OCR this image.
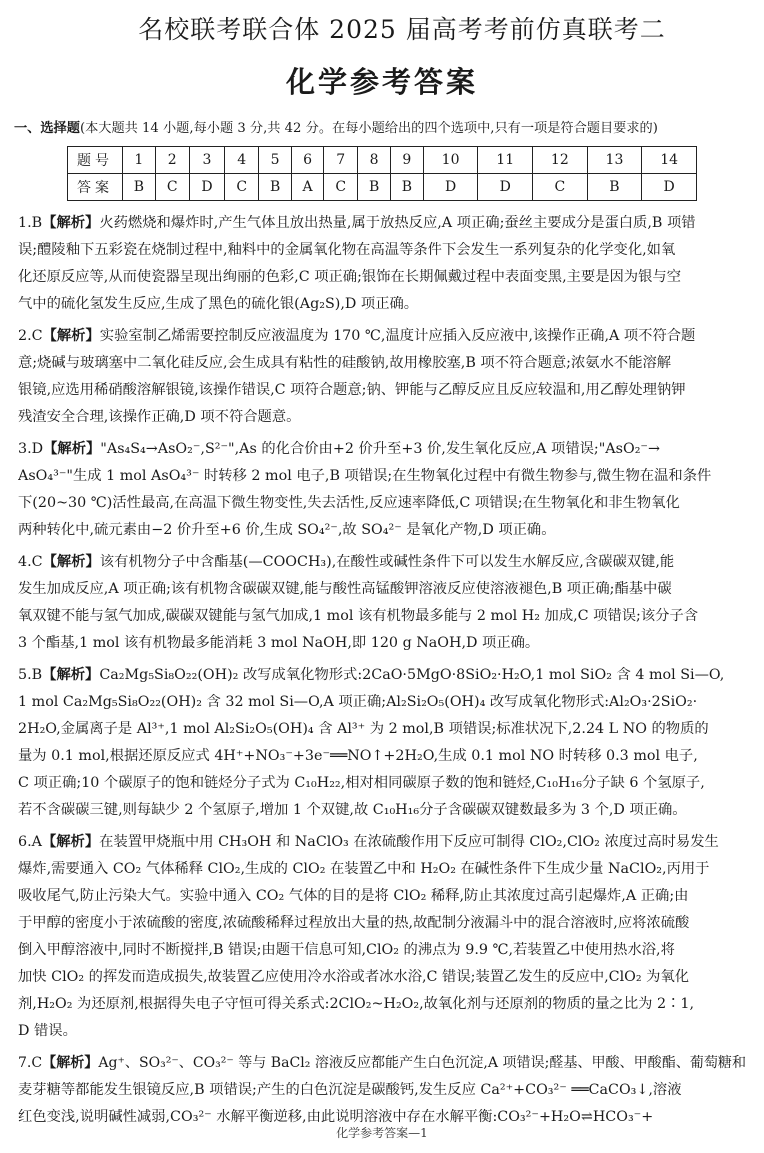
名校联考联合体 2025 届高考考前仿真联考二
化学参考答案
一、选择题(本大题共 14 小题,每小题 3 分,共 42 分。在每小题给出的四个选项中,只有一项是符合题目要求的)
题号	1	2	3	4	5	6	7	8	9	10	11	12	13	14
答案	B	C	D	C	B	A	C	B	B	D	D	C	B	D
1.B【解析】火药燃烧和爆炸时,产生气体且放出热量,属于放热反应,A 项正确;蚕丝主要成分是蛋白质,B 项错
误;醴陵釉下五彩瓷在烧制过程中,釉料中的金属氧化物在高温等条件下会发生一系列复杂的化学变化,如氧
化还原反应等,从而使瓷器呈现出绚丽的色彩,C 项正确;银饰在长期佩戴过程中表面变黑,主要是因为银与空
气中的硫化氢发生反应,生成了黑色的硫化银(Ag₂S),D 项正确。
2.C【解析】实验室制乙烯需要控制反应液温度为 170 ℃,温度计应插入反应液中,该操作正确,A 项不符合题
意;烧碱与玻璃塞中二氧化硅反应,会生成具有粘性的硅酸钠,故用橡胶塞,B 项不符合题意;浓氨水不能溶解
银镜,应选用稀硝酸溶解银镜,该操作错误,C 项符合题意;钠、钾能与乙醇反应且反应较温和,用乙醇处理钠钾
残渣安全合理,该操作正确,D 项不符合题意。
3.D【解析】"As₄S₄→AsO₂⁻,S²⁻",As 的化合价由+2 价升至+3 价,发生氧化反应,A 项错误;"AsO₂⁻→
AsO₄³⁻"生成 1 mol AsO₄³⁻ 时转移 2 mol 电子,B 项错误;在生物氧化过程中有微生物参与,微生物在温和条件
下(20~30 ℃)活性最高,在高温下微生物变性,失去活性,反应速率降低,C 项错误;在生物氧化和非生物氧化
两种转化中,硫元素由−2 价升至+6 价,生成 SO₄²⁻,故 SO₄²⁻ 是氧化产物,D 项正确。
4.C【解析】该有机物分子中含酯基(—COOCH₃),在酸性或碱性条件下可以发生水解反应,含碳碳双键,能
发生加成反应,A 项正确;该有机物含碳碳双键,能与酸性高锰酸钾溶液反应使溶液褪色,B 项正确;酯基中碳
氧双键不能与氢气加成,碳碳双键能与氢气加成,1 mol 该有机物最多能与 2 mol H₂ 加成,C 项错误;该分子含
3 个酯基,1 mol 该有机物最多能消耗 3 mol NaOH,即 120 g NaOH,D 项正确。
5.B【解析】Ca₂Mg₅Si₈O₂₂(OH)₂ 改写成氧化物形式:2CaO·5MgO·8SiO₂·H₂O,1 mol SiO₂ 含 4 mol Si—O,
1 mol Ca₂Mg₅Si₈O₂₂(OH)₂ 含 32 mol Si—O,A 项正确;Al₂Si₂O₅(OH)₄ 改写成氧化物形式:Al₂O₃·2SiO₂·
2H₂O,金属离子是 Al³⁺,1 mol Al₂Si₂O₅(OH)₄ 含 Al³⁺ 为 2 mol,B 项错误;标准状况下,2.24 L NO 的物质的
量为 0.1 mol,根据还原反应式 4H⁺+NO₃⁻+3e⁻══NO↑+2H₂O,生成 0.1 mol NO 时转移 0.3 mol 电子,
C 项正确;10 个碳原子的饱和链烃分子式为 C₁₀H₂₂,相对相同碳原子数的饱和链烃,C₁₀H₁₆分子缺 6 个氢原子,
若不含碳碳三键,则每缺少 2 个氢原子,增加 1 个双键,故 C₁₀H₁₆分子含碳碳双键数最多为 3 个,D 项正确。
6.A【解析】在装置甲烧瓶中用 CH₃OH 和 NaClO₃ 在浓硫酸作用下反应可制得 ClO₂,ClO₂ 浓度过高时易发生
爆炸,需要通入 CO₂ 气体稀释 ClO₂,生成的 ClO₂ 在装置乙中和 H₂O₂ 在碱性条件下生成少量 NaClO₂,丙用于
吸收尾气,防止污染大气。实验中通入 CO₂ 气体的目的是将 ClO₂ 稀释,防止其浓度过高引起爆炸,A 正确;由
于甲醇的密度小于浓硫酸的密度,浓硫酸稀释过程放出大量的热,故配制分液漏斗中的混合溶液时,应将浓硫酸
倒入甲醇溶液中,同时不断搅拌,B 错误;由题干信息可知,ClO₂ 的沸点为 9.9 ℃,若装置乙中使用热水浴,将
加快 ClO₂ 的挥发而造成损失,故装置乙应使用冷水浴或者冰水浴,C 错误;装置乙发生的反应中,ClO₂ 为氧化
剂,H₂O₂ 为还原剂,根据得失电子守恒可得关系式:2ClO₂~H₂O₂,故氧化剂与还原剂的物质的量之比为 2∶1,
D 错误。
7.C【解析】Ag⁺、SO₃²⁻、CO₃²⁻ 等与 BaCl₂ 溶液反应都能产生白色沉淀,A 项错误;醛基、甲酸、甲酸酯、葡萄糖和
麦芽糖等都能发生银镜反应,B 项错误;产生的白色沉淀是碳酸钙,发生反应 Ca²⁺+CO₃²⁻ ══CaCO₃↓,溶液
红色变浅,说明碱性减弱,CO₃²⁻ 水解平衡逆移,由此说明溶液中存在水解平衡:CO₃²⁻+H₂O⇌HCO₃⁻+
化学参考答案—1
